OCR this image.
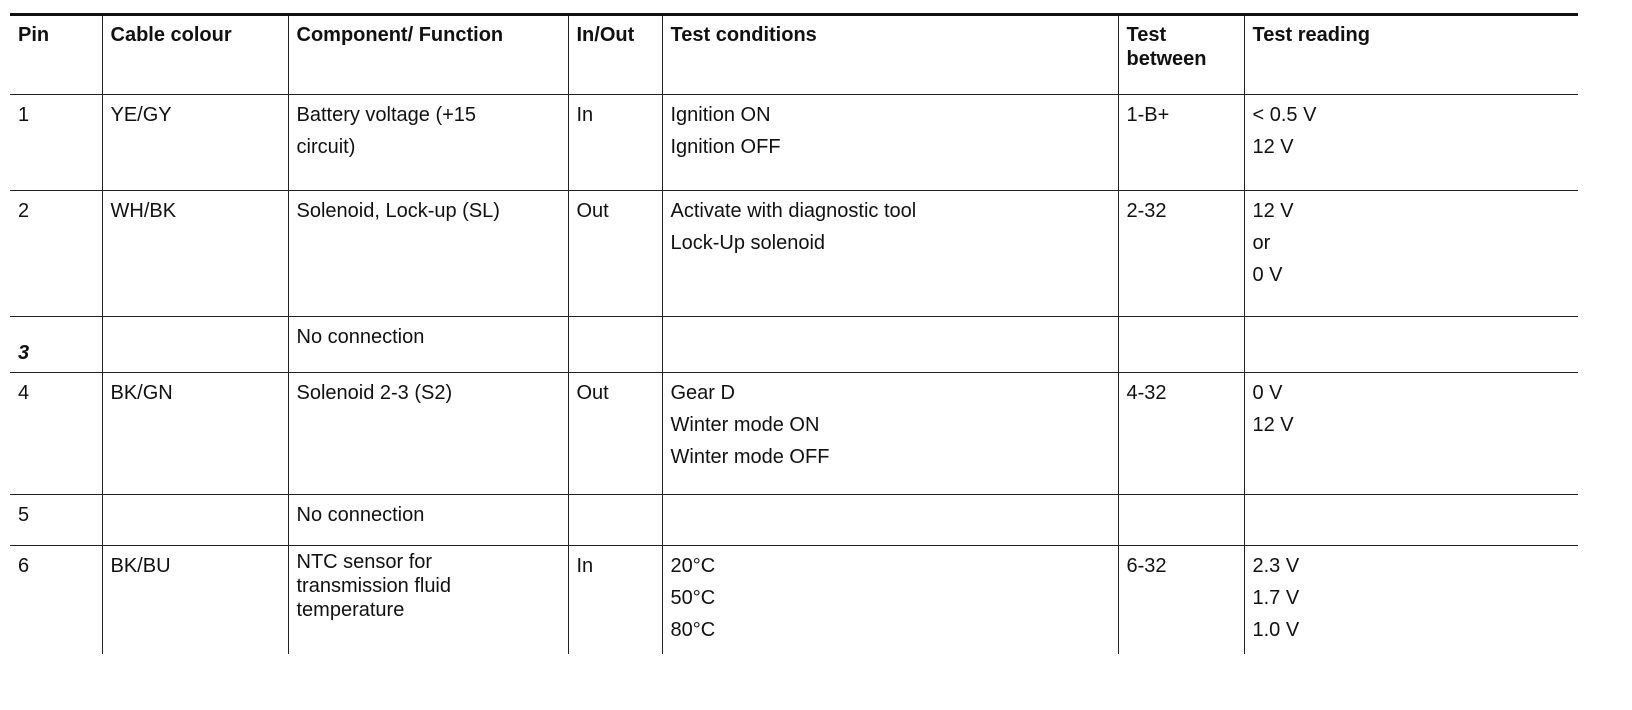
Pin	Cable colour	Component/ Function	In/Out	Test conditions	Test
between	Test reading
1	YE/GY	Battery voltage (+15
circuit)	In	Ignition ON
Ignition OFF	1-B+	< 0.5 V
12 V

2	WH/BK	Solenoid, Lock-up (SL)	Out	Activate with diagnostic tool
Lock-Up solenoid	2-32	12 V
or
0 V

3		No connection				

4	BK/GN	Solenoid 2-3 (S2)	Out	Gear D
Winter mode ON
Winter mode OFF	4-32	0 V
12 V

5		No connection				

6	BK/BU	NTC sensor for
transmission fluid
temperature	In	20°C
50°C
80°C	6-32	2.3 V
1.7 V
1.0 V
